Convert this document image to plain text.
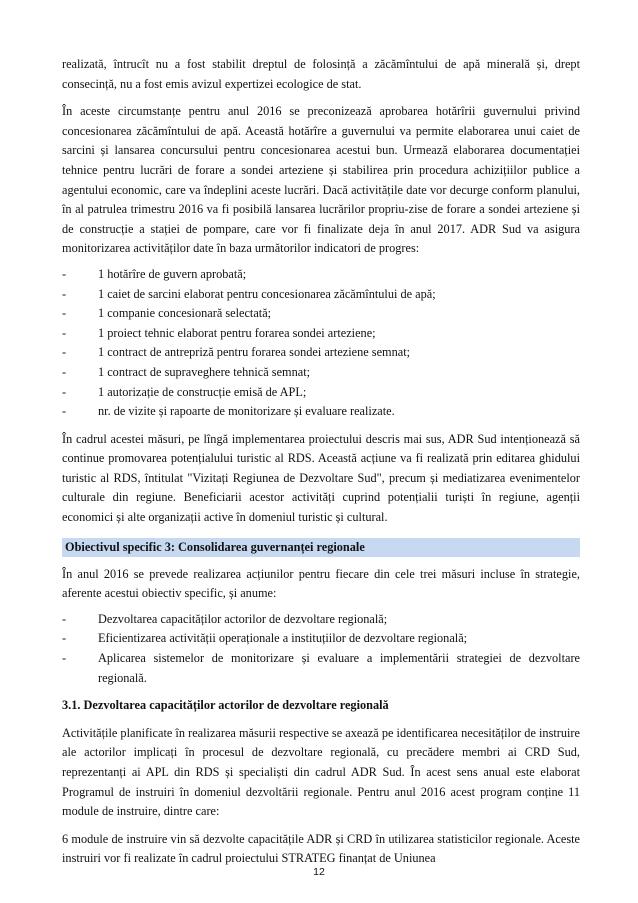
realizată, întrucît nu a fost stabilit dreptul de folosință a zăcămîntului de apă minerală și, drept consecință, nu a fost emis avizul expertizei ecologice de stat.

În aceste circumstanțe pentru anul 2016 se preconizează aprobarea hotărîrii guvernului privind concesionarea zăcămîntului de apă. Această hotărîre a guvernului va permite elaborarea unui caiet de sarcini și lansarea concursului pentru concesionarea acestui bun. Urmează elaborarea documentației tehnice pentru lucrări de forare a sondei arteziene și stabilirea prin procedura achizițiilor publice a agentului economic, care va îndeplini aceste lucrări. Dacă activitățile date vor decurge conform planului, în al patrulea trimestru 2016 va fi posibilă lansarea lucrărilor propriu-zise de forare a sondei arteziene și de construcție a stației de pompare, care vor fi finalizate deja în anul 2017. ADR Sud va asigura monitorizarea activităților date în baza următorilor indicatori de progres:

- 1 hotărîre de guvern aprobată;
- 1 caiet de sarcini elaborat pentru concesionarea zăcămîntului de apă;
- 1 companie concesionară selectată;
- 1 proiect tehnic elaborat pentru forarea sondei arteziene;
- 1 contract de antrepriză pentru forarea sondei arteziene semnat;
- 1 contract de supraveghere tehnică semnat;
- 1 autorizație de construcție emisă de APL;
- nr. de vizite și rapoarte de monitorizare și evaluare realizate.

În cadrul acestei măsuri, pe lîngă implementarea proiectului descris mai sus, ADR Sud intenționează să continue promovarea potențialului turistic al RDS. Această acțiune va fi realizată prin editarea ghidului turistic al RDS, întitulat "Vizitați Regiunea de Dezvoltare Sud", precum și mediatizarea evenimentelor culturale din regiune. Beneficiarii acestor activități cuprind potențialii turiști în regiune, agenții economici și alte organizații active în domeniul turistic și cultural.

Obiectivul specific 3: Consolidarea guvernanței regionale

În anul 2016 se prevede realizarea acțiunilor pentru fiecare din cele trei măsuri incluse în strategie, aferente acestui obiectiv specific, și anume:

- Dezvoltarea capacităților actorilor de dezvoltare regională;
- Eficientizarea activității operaționale a instituțiilor de dezvoltare regională;
- Aplicarea sistemelor de monitorizare și evaluare a implementării strategiei de dezvoltare regională.
3.1. Dezvoltarea capacităților actorilor de dezvoltare regională

Activitățile planificate în realizarea măsurii respective se axează pe identificarea necesităților de instruire ale actorilor implicați în procesul de dezvoltare regională, cu precădere membri ai CRD Sud, reprezentanți ai APL din RDS și specialiști din cadrul ADR Sud. În acest sens anual este elaborat Programul de instruiri în domeniul dezvoltării regionale. Pentru anul 2016 acest program conține 11 module de instruire, dintre care:

6 module de instruire vin să dezvolte capacitățile ADR și CRD în utilizarea statisticilor regionale. Aceste instruiri vor fi realizate în cadrul proiectului STRATEG finanțat de Uniunea

12
